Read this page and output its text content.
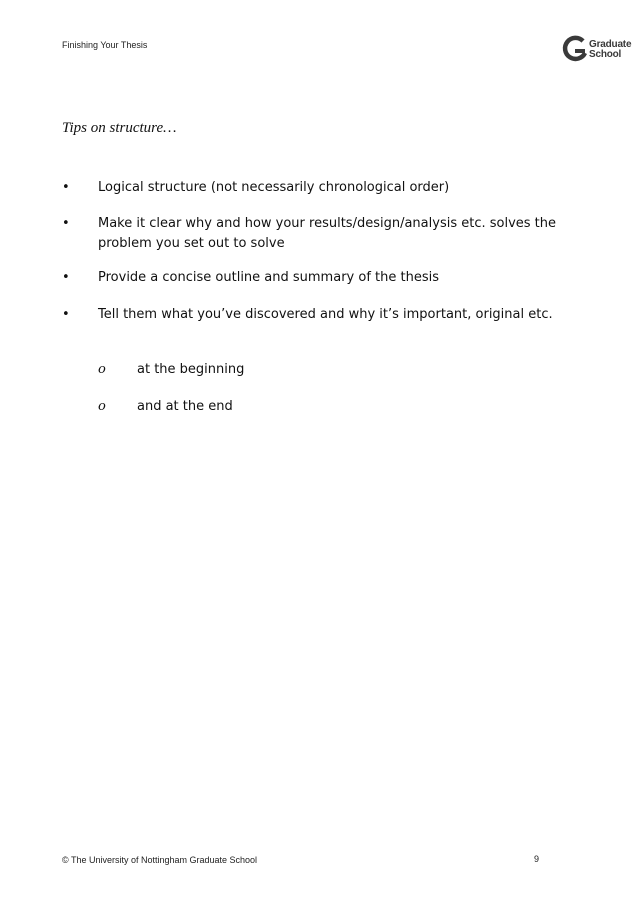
Finishing Your Thesis	Graduate
School
Tips on structure…
• Logical structure (not necessarily chronological order)
• Make it clear why and how your results/design/analysis etc. solves the problem you set out to solve
• Provide a concise outline and summary of the thesis
• Tell them what you’ve discovered and why it’s important, original etc.
o at the beginning
o and at the end
© The University of Nottingham Graduate School	9
